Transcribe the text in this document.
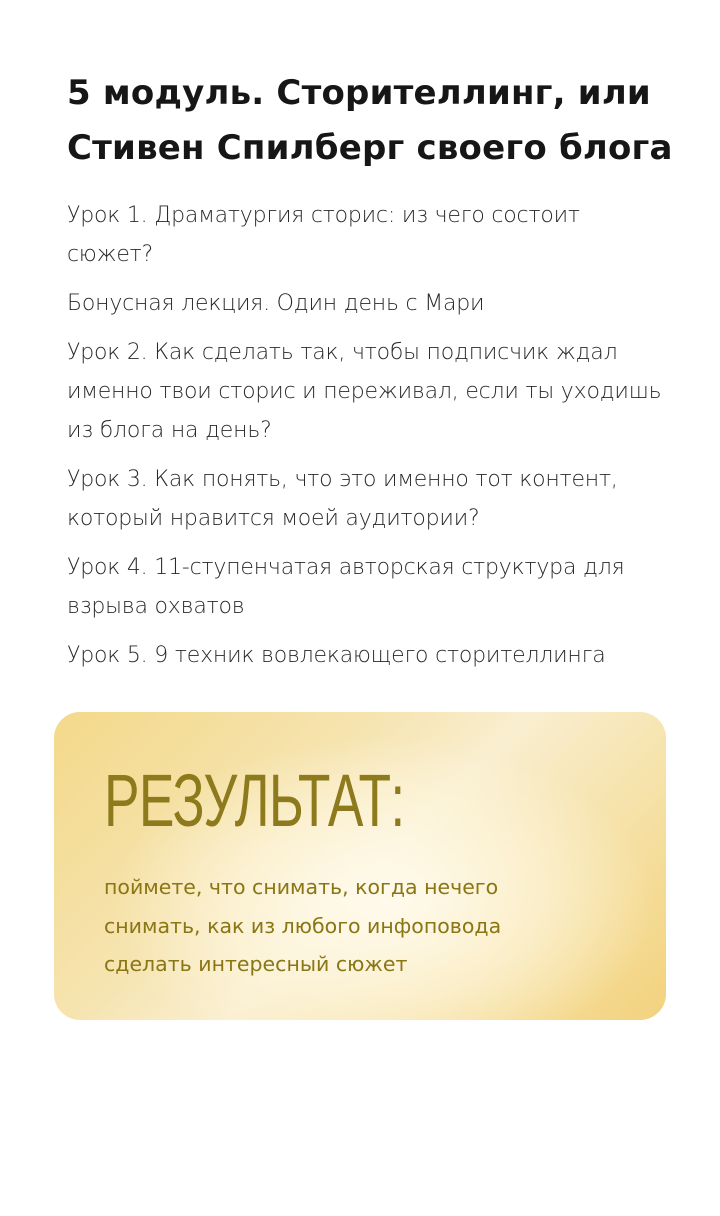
5 модуль. Сторителлинг, или Стивен Спилберг своего блога
Урок 1. Драматургия сторис: из чего состоит сюжет?
Бонусная лекция. Один день с Мари
Урок 2. Как сделать так, чтобы подписчик ждал именно твои сторис и переживал, если ты уходишь из блога на день?
Урок 3. Как понять, что это именно тот контент, который нравится моей аудитории?
Урок 4. 11-ступенчатая авторская структура для взрыва охватов
Урок 5. 9 техник вовлекающего сторителлинга
РЕЗУЛЬТАТ:

поймете, что снимать, когда нечего снимать, как из любого инфоповода сделать интересный сюжет
